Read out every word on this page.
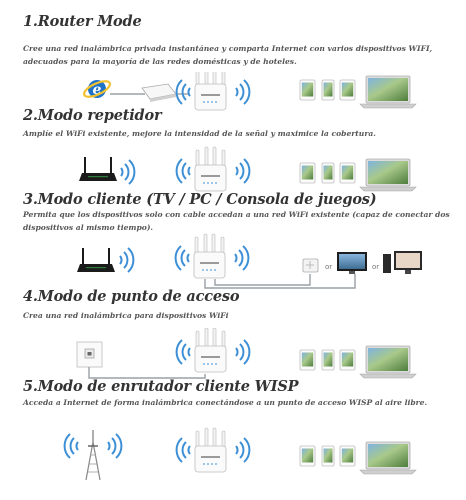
1.Router Mode
Cree una red inalámbrica privada instantánea y comparta Internet con varios dispositivos WIFI, adecuados para la mayoría de las redes domésticas y de hoteles.
e
2.Modo repetidor
Amplíe el WiFi existente, mejore la intensidad de la señal y maximice la cobertura.
3.Modo cliente (TV / PC / Consola de juegos)
Permita que los dispositivos solo con cable accedan a una red WiFi existente (capaz de conectar dos dispositivos al mismo tiempo).
or	or
4.Modo de punto de acceso
Crea una red inalámbrica para dispositivos WiFi
5.Modo de enrutador cliente WISP
Acceda a Internet de forma inalámbrica conectándose a un punto de acceso WISP al aire libre.
